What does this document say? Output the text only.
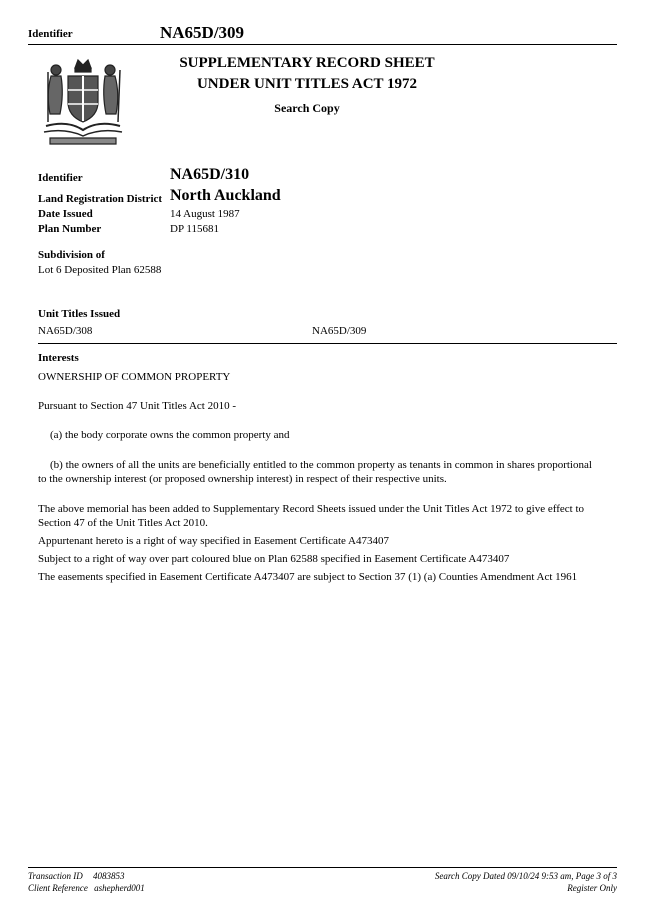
Identifier	NA65D/309
SUPPLEMENTARY RECORD SHEET
UNDER UNIT TITLES ACT 1972
Search Copy
Identifier	NA65D/310
Land Registration District North Auckland
Date Issued	14 August 1987
Plan Number	DP 115681
Subdivision of
Lot 6 Deposited Plan 62588
Unit Titles Issued
NA65D/308	NA65D/309
Interests
OWNERSHIP OF COMMON PROPERTY
Pursuant to Section 47 Unit Titles Act 2010 -
(a) the body corporate owns the common property and
(b) the owners of all the units are beneficially entitled to the common property as tenants in common in shares proportional to the ownership interest (or proposed ownership interest) in respect of their respective units.
The above memorial has been added to Supplementary Record Sheets issued under the Unit Titles Act 1972 to give effect to Section 47 of the Unit Titles Act 2010.
Appurtenant hereto is a right of way specified in Easement Certificate A473407
Subject to a right of way over part coloured blue on Plan 62588 specified in Easement Certificate A473407
The easements specified in Easement Certificate A473407 are subject to Section 37 (1) (a) Counties Amendment Act 1961
Transaction ID 4083853
Client Reference ashepherd001
Search Copy Dated 09/10/24 9:53 am, Page 3 of 3
Register Only
